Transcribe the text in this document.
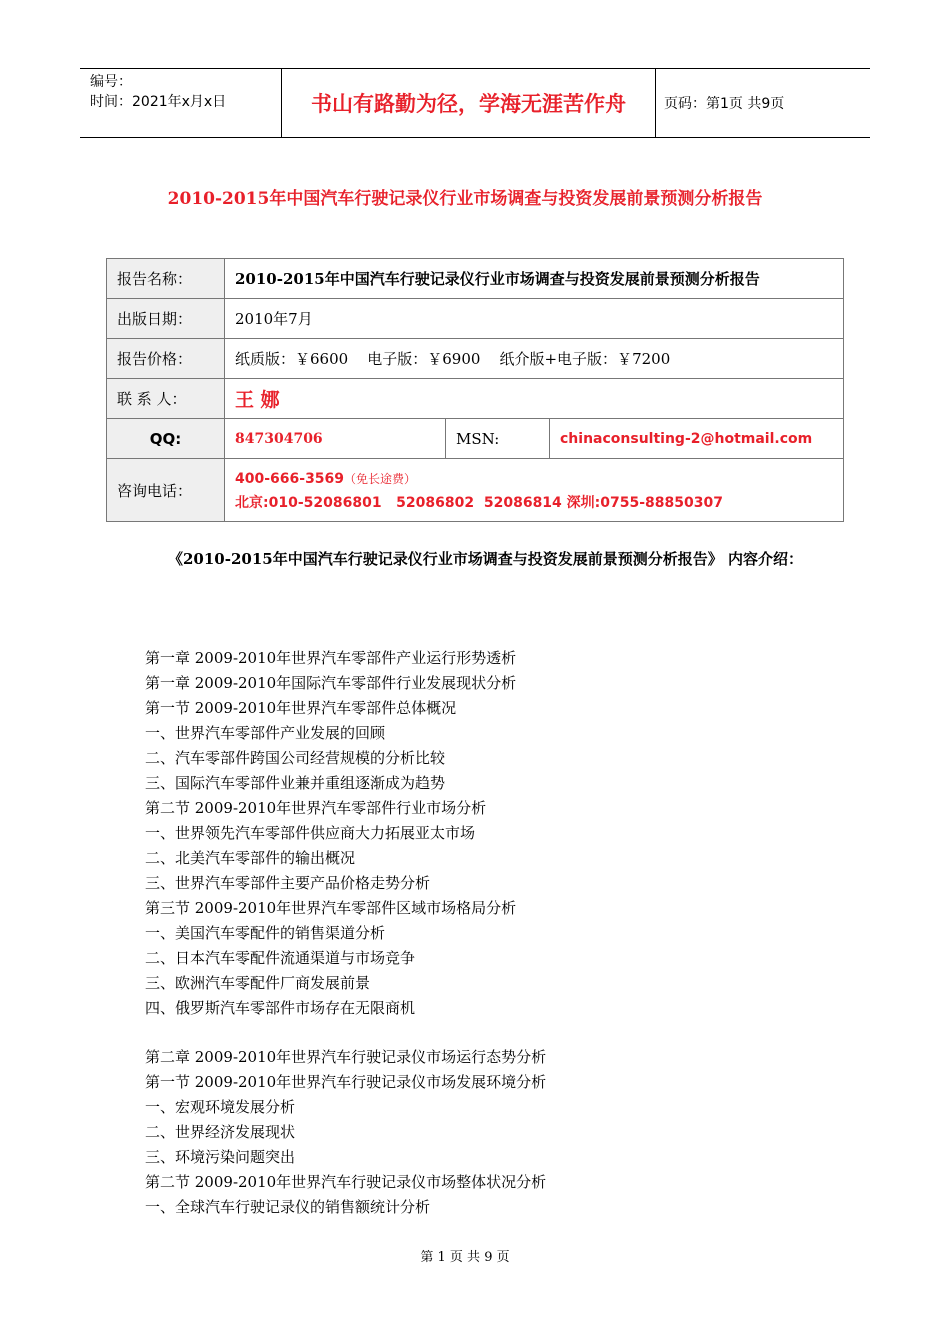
编号：
时间：2021年x月x日	书山有路勤为径，学海无涯苦作舟	页码：第1页 共9页
2010-2015年中国汽车行驶记录仪行业市场调查与投资发展前景预测分析报告
报告名称：	2010-2015年中国汽车行驶记录仪行业市场调查与投资发展前景预测分析报告		
出版日期：	2010年7月		
报告价格：	纸质版：￥6600    电子版：￥6900    纸介版+电子版：￥7200		
联 系 人：	王 娜		
QQ:	847304706	MSN:	chinaconsulting-2@hotmail.com
咨询电话：	400-666-3569（免长途费）
北京:010-52086801   52086802  52086814 深圳:0755-88850307		
《2010-2015年中国汽车行驶记录仪行业市场调查与投资发展前景预测分析报告》 内容介绍：
第一章 2009-2010年世界汽车零部件产业运行形势透析
第一章 2009-2010年国际汽车零部件行业发展现状分析
第一节 2009-2010年世界汽车零部件总体概况
一、世界汽车零部件产业发展的回顾
二、汽车零部件跨国公司经营规模的分析比较
三、国际汽车零部件业兼并重组逐渐成为趋势
第二节 2009-2010年世界汽车零部件行业市场分析
一、世界领先汽车零部件供应商大力拓展亚太市场
二、北美汽车零部件的输出概况
三、世界汽车零部件主要产品价格走势分析
第三节 2009-2010年世界汽车零部件区域市场格局分析
一、美国汽车零配件的销售渠道分析
二、日本汽车零配件流通渠道与市场竞争
三、欧洲汽车零配件厂商发展前景
四、俄罗斯汽车零部件市场存在无限商机
第二章 2009-2010年世界汽车行驶记录仪市场运行态势分析
第一节 2009-2010年世界汽车行驶记录仪市场发展环境分析
一、宏观环境发展分析
二、世界经济发展现状
三、环境污染问题突出
第二节 2009-2010年世界汽车行驶记录仪市场整体状况分析
一、全球汽车行驶记录仪的销售额统计分析
第 1 页 共 9 页
